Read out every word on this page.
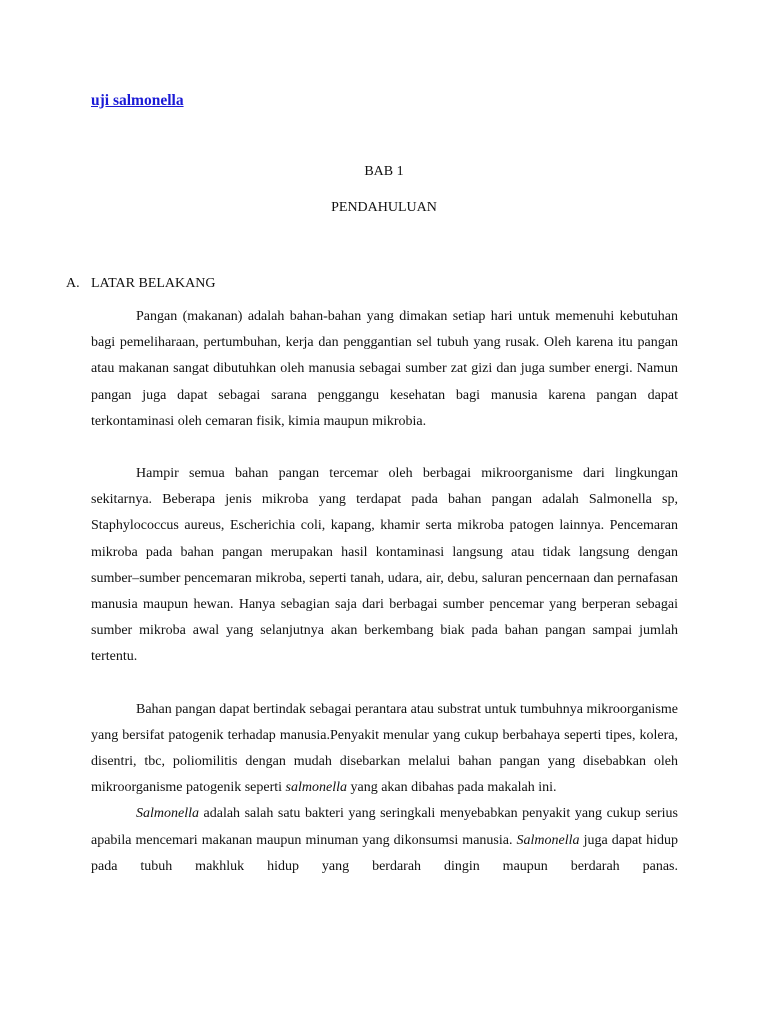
uji salmonella
BAB 1
PENDAHULUAN
A. LATAR BELAKANG

Pangan (makanan) adalah bahan-bahan yang dimakan setiap hari untuk memenuhi kebutuhan bagi pemeliharaan, pertumbuhan, kerja dan penggantian sel tubuh yang rusak. Oleh karena itu pangan atau makanan sangat dibutuhkan oleh manusia sebagai sumber zat gizi dan juga sumber energi. Namun pangan juga dapat sebagai sarana penggangu kesehatan bagi manusia karena pangan dapat terkontaminasi oleh cemaran fisik, kimia maupun mikrobia.

Hampir semua bahan pangan tercemar oleh berbagai mikroorganisme dari lingkungan sekitarnya. Beberapa jenis mikroba yang terdapat pada bahan pangan adalah Salmonella sp, Staphylococcus aureus, Escherichia coli, kapang, khamir serta mikroba patogen lainnya. Pencemaran mikroba pada bahan pangan merupakan hasil kontaminasi langsung atau tidak langsung dengan sumber–sumber pencemaran mikroba, seperti tanah, udara, air, debu, saluran pencernaan dan pernafasan manusia maupun hewan. Hanya sebagian saja dari berbagai sumber pencemar yang berperan sebagai sumber mikroba awal yang selanjutnya akan berkembang biak pada bahan pangan sampai jumlah tertentu.

Bahan pangan dapat bertindak sebagai perantara atau substrat untuk tumbuhnya mikroorganisme yang bersifat patogenik terhadap manusia.Penyakit menular yang cukup berbahaya seperti tipes, kolera, disentri, tbc, poliomilitis dengan mudah disebarkan melalui bahan pangan yang disebabkan oleh mikroorganisme patogenik seperti salmonella yang akan dibahas pada makalah ini.

Salmonella adalah salah satu bakteri yang seringkali menyebabkan penyakit yang cukup serius apabila mencemari makanan maupun minuman yang dikonsumsi manusia. Salmonella juga dapat hidup pada tubuh makhluk hidup yang berdarah dingin maupun berdarah panas.
